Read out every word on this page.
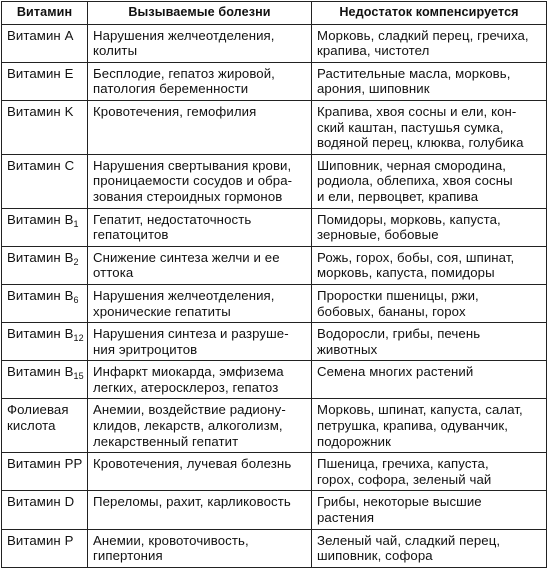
Витамин	Вызываемые болезни	Недостаток компенсируется

Витамин A	Нарушения желчеотделения,
колиты	Морковь, сладкий перец, гречиха,
крапива, чистотел

Витамин E	Бесплодие, гепатоз жировой,
патология беременности	Растительные масла, морковь,
арония, шиповник

Витамин K	Кровотечения, гемофилия	Крапива, хвоя сосны и ели, кон-
ский каштан, пастушья сумка,
водяной перец, клюква, голубика

Витамин C	Нарушения свертывания крови,
проницаемости сосудов и обра-
зования стероидных гормонов	Шиповник, черная смородина,
родиола, облепиха, хвоя сосны
и ели, первоцвет, крапива

Витамин $B_1$	Гепатит, недостаточность
гепатоцитов	Помидоры, морковь, капуста,
зерновые, бобовые

Витамин $B_2$	Снижение синтеза желчи и ее
оттока	Рожь, горох, бобы, соя, шпинат,
морковь, капуста, помидоры

Витамин $B_6$	Нарушения желчеотделения,
хронические гепатиты	Проростки пшеницы, ржи,
бобовых, бананы, горох

Витамин $B_{12}$	Нарушения синтеза и разруше-
ния эритроцитов	Водоросли, грибы, печень
животных

Витамин $B_{15}$	Инфаркт миокарда, эмфизема
легких, атеросклероз, гепатоз	Семена многих растений

Фолиевая
кислота	Анемии, воздействие радиону-
клидов, лекарств, алкоголизм,
лекарственный гепатит	Морковь, шпинат, капуста, салат,
петрушка, крапива, одуванчик,
подорожник

Витамин PP	Кровотечения, лучевая болезнь	Пшеница, гречиха, капуста,
горох, софора, зеленый чай

Витамин D	Переломы, рахит, карликовость	Грибы, некоторые высшие
растения

Витамин P	Анемии, кровоточивость,
гипертония	Зеленый чай, сладкий перец,
шиповник, софора
